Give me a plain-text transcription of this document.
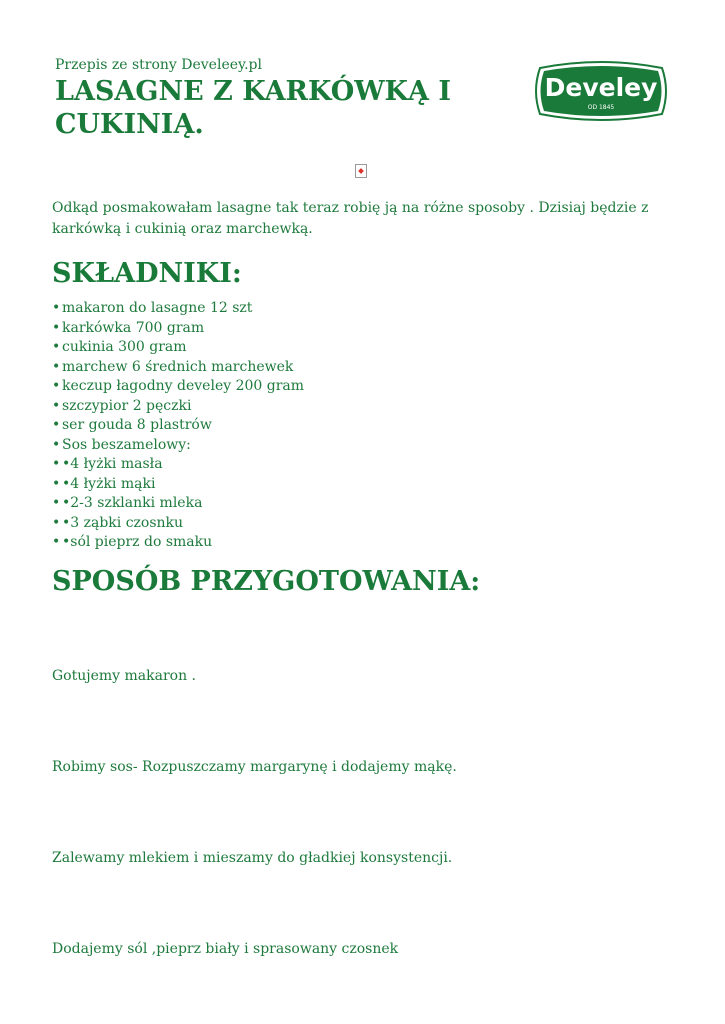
Przepis ze strony Develeey.pl
LASAGNE Z KARKÓWKĄ I CUKINIĄ.
Develey
OD 1845

Odkąd posmakowałam lasagne tak teraz robię ją na różne sposoby . Dzisiaj będzie z karkówką i cukinią oraz marchewką.

SKŁADNIKI:
• makaron do lasagne 12 szt
• karkówka 700 gram
• cukinia 300 gram
• marchew 6 średnich marchewek
• keczup łagodny develey 200 gram
• szczypior 2 pęczki
• ser gouda 8 plastrów
• Sos beszamelowy:
• •4 łyżki masła
• •4 łyżki mąki
• •2-3 szklanki mleka
• •3 ząbki czosnku
• •sól pieprz do smaku
SPOSÓB PRZYGOTOWANIA:

Gotujemy makaron .

Robimy sos- Rozpuszczamy margarynę i dodajemy mąkę.

Zalewamy mlekiem i mieszamy do gładkiej konsystencji.

Dodajemy sól ,pieprz biały i sprasowany czosnek
